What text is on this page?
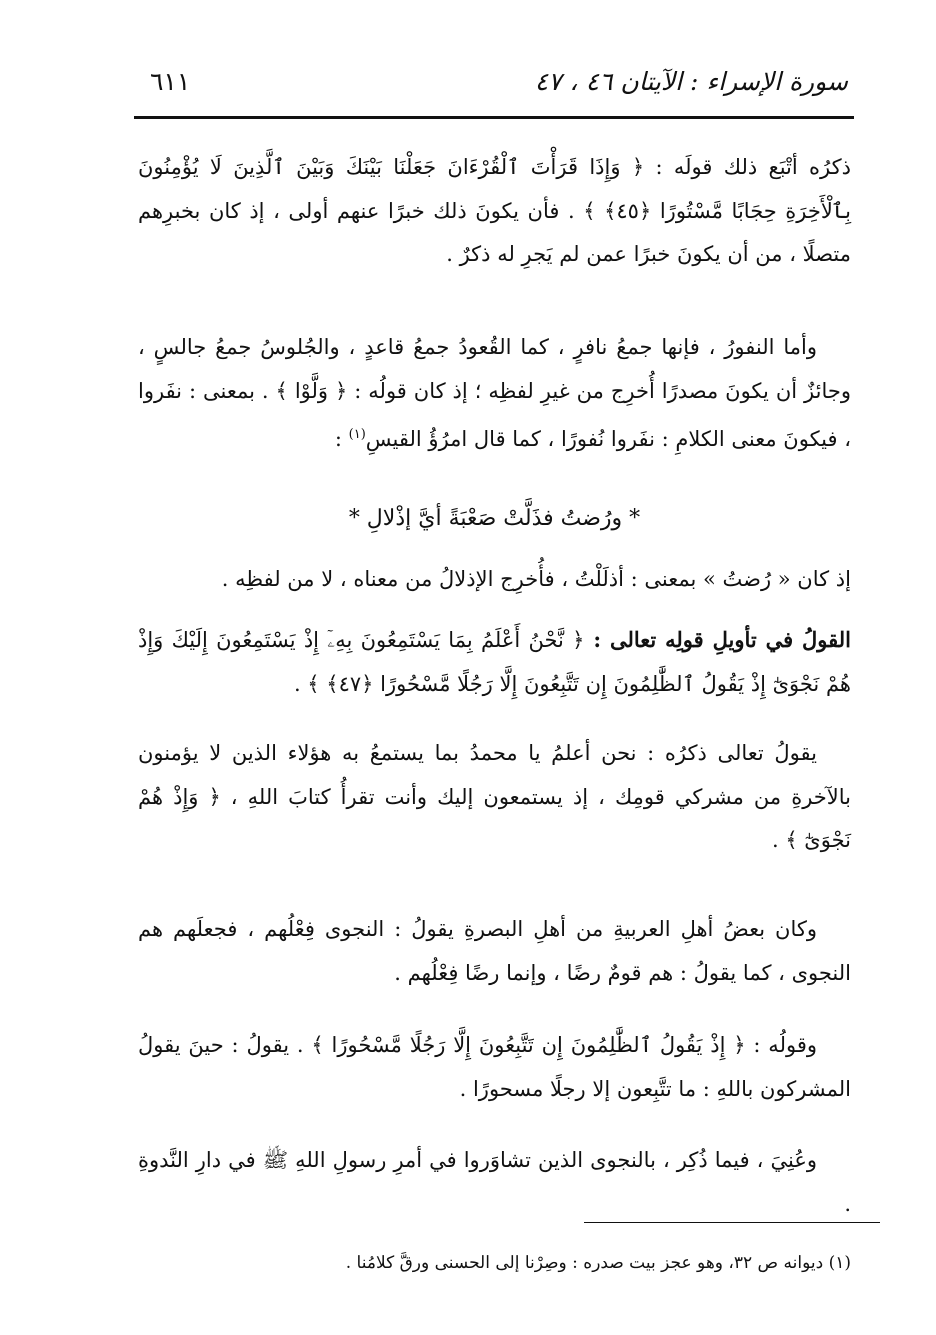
سورة الإسراء : الآيتان ٤٦ ، ٤٧
٦١١

ذكرُه أتْبَع ذلك قولَه : ﴿ وَإِذَا قَرَأْتَ ٱلْقُرْءَانَ جَعَلْنَا بَيْنَكَ وَبَيْنَ ٱلَّذِينَ لَا يُؤْمِنُونَ بِٱلْأَخِرَةِ حِجَابًا مَّسْتُورًا ﴿٤٥﴾ ﴾ . فأن يكونَ ذلك خبرًا عنهم أولى ، إذ كان بخبرِهم متصلًا ، من أن يكونَ خبرًا عمن لم يَجرِ له ذكرٌ .

وأما النفورُ ، فإنها جمعُ نافرٍ ، كما القُعودُ جمعُ قاعدٍ ، والجُلوسُ جمعُ جالسٍ ، وجائزٌ أن يكونَ مصدرًا أُخرِج من غيرِ لفظِه ؛ إذ كان قولُه : ﴿ وَلَّوْا ﴾ . بمعنى : نفَروا ، فيكونَ معنى الكلامِ : نفَروا نُفورًا ، كما قال امرُؤُ القيسِ$^{(١)}$ :

* ورُضتُ فذَلَّتْ صَعْبَةً أيَّ إذْلالِ *

إذ كان « رُضتُ » بمعنى : أذلَلْتُ ، فأُخرِج الإذلالُ من معناه ، لا من لفظِه .

القولُ في تأويلِ قولِه تعالى : ﴿ نَّحْنُ أَعْلَمُ بِمَا يَسْتَمِعُونَ بِهِۦٓ إِذْ يَسْتَمِعُونَ إِلَيْكَ وَإِذْ هُمْ نَجْوَىٰٓ إِذْ يَقُولُ ٱلظَّٰلِمُونَ إِن تَتَّبِعُونَ إِلَّا رَجُلًا مَّسْحُورًا ﴿٤٧﴾ ﴾ .

يقولُ تعالى ذكرُه : نحن أعلمُ يا محمدُ بما يستمعُ به هؤلاء الذين لا يؤمنون بالآخرةِ من مشركي قومِك ، إذ يستمعون إليك وأنت تقرأُ كتابَ اللهِ ، ﴿ وَإِذْ هُمْ نَجْوَىٰٓ ﴾ .

وكان بعضُ أهلِ العربيةِ من أهلِ البصرةِ يقولُ : النجوى فِعْلُهم ، فجعلَهم هم النجوى ، كما يقولُ : هم قومٌ رضًا ، وإنما رضًا فِعْلُهم .

وقولُه : ﴿ إِذْ يَقُولُ ٱلظَّٰلِمُونَ إِن تَتَّبِعُونَ إِلَّا رَجُلًا مَّسْحُورًا ﴾ . يقولُ : حينَ يقولُ المشركون باللهِ : ما تتَّبِعون إلا رجلًا مسحورًا .

وعُنِيَ ، فيما ذُكِر ، بالنجوى الذين تشاوَروا في أمرِ رسولِ اللهِ ﷺ في دارِ النَّدوةِ .

(١) ديوانه ص ٣٢، وهو عجز بيت صدره : وصِرْنا إلى الحسنى ورقَّ كلامُنا .
